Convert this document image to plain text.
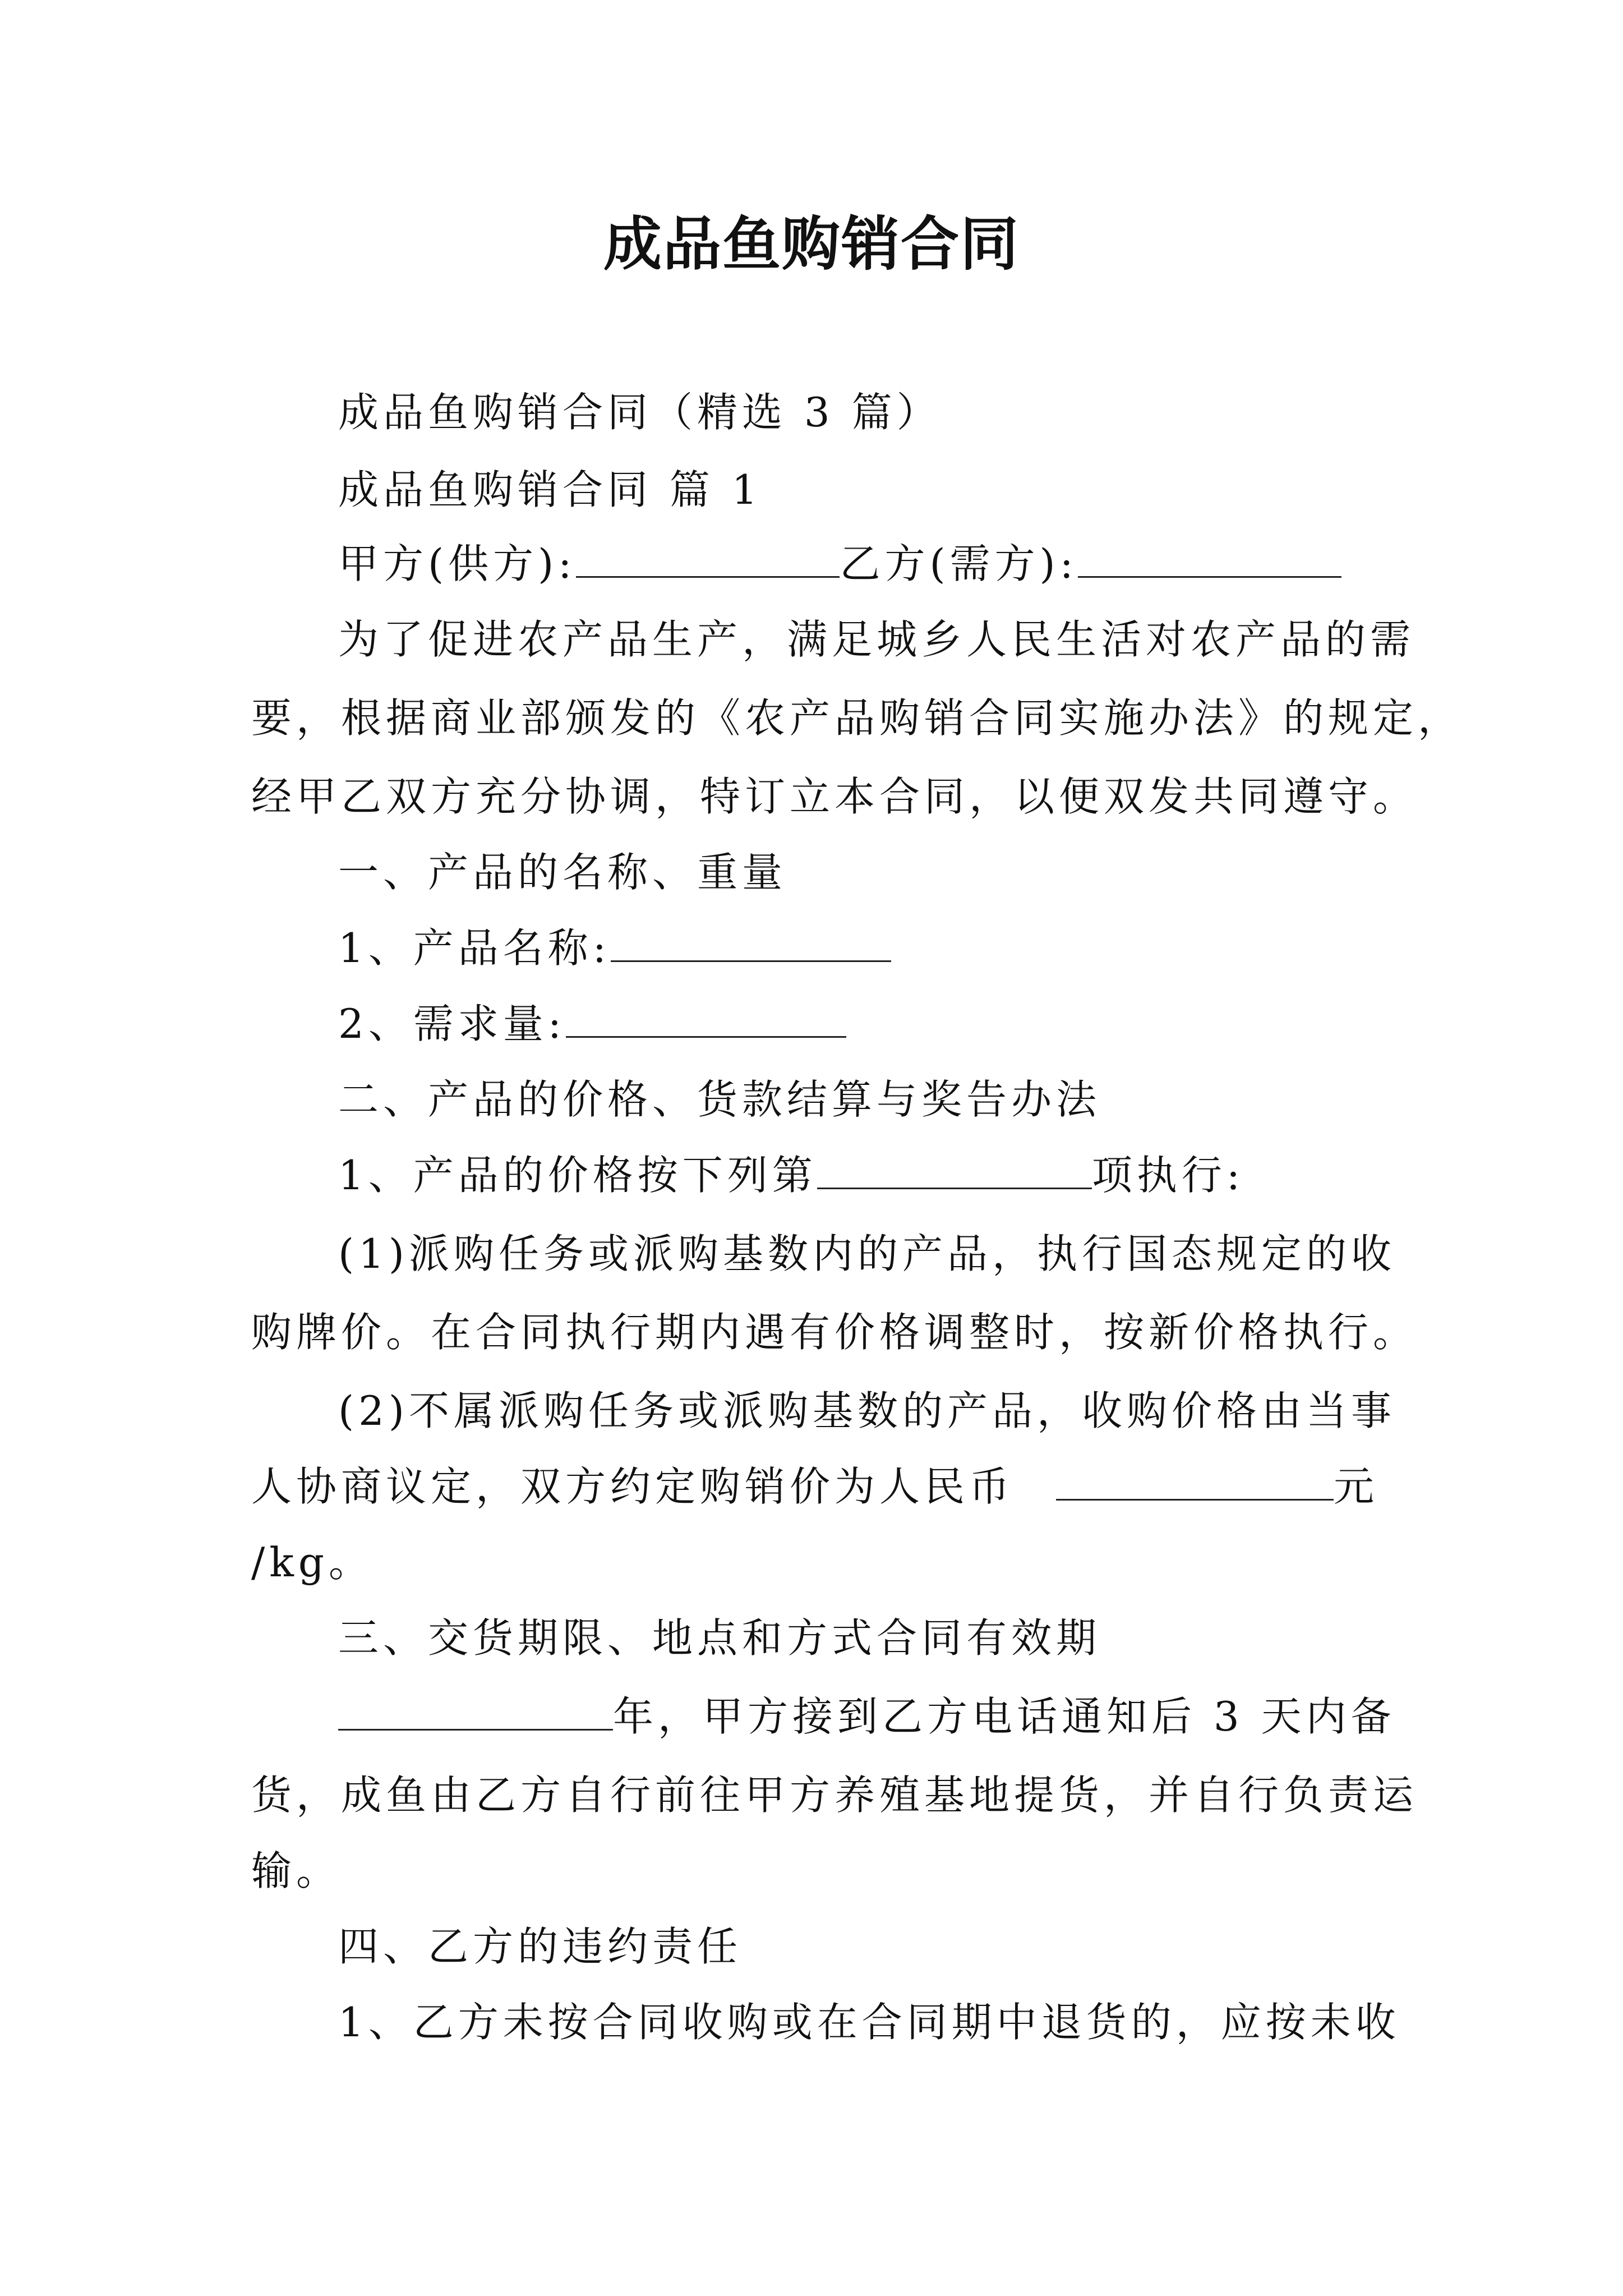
成品鱼购销合同
成品鱼购销合同（精选 3 篇）
成品鱼购销合同 篇 1
甲方(供方):	乙方(需方):
为了促进农产品生产，满足城乡人民生活对农产品的需
要，根据商业部颁发的《农产品购销合同实施办法》的规定，
经甲乙双方充分协调，特订立本合同，以便双发共同遵守。
一、产品的名称、重量
1、产品名称:
2、需求量:
二、产品的价格、货款结算与奖告办法
1、产品的价格按下列第	项执行:
(1)派购任务或派购基数内的产品，执行国态规定的收
购牌价。在合同执行期内遇有价格调整时，按新价格执行。
(2)不属派购任务或派购基数的产品，收购价格由当事
人协商议定，双方约定购销价为人民币	元
/kg。
三、交货期限、地点和方式合同有效期
年，甲方接到乙方电话通知后 3 天内备
货，成鱼由乙方自行前往甲方养殖基地提货，并自行负责运
输。
四、乙方的违约责任
1、乙方未按合同收购或在合同期中退货的，应按未收
